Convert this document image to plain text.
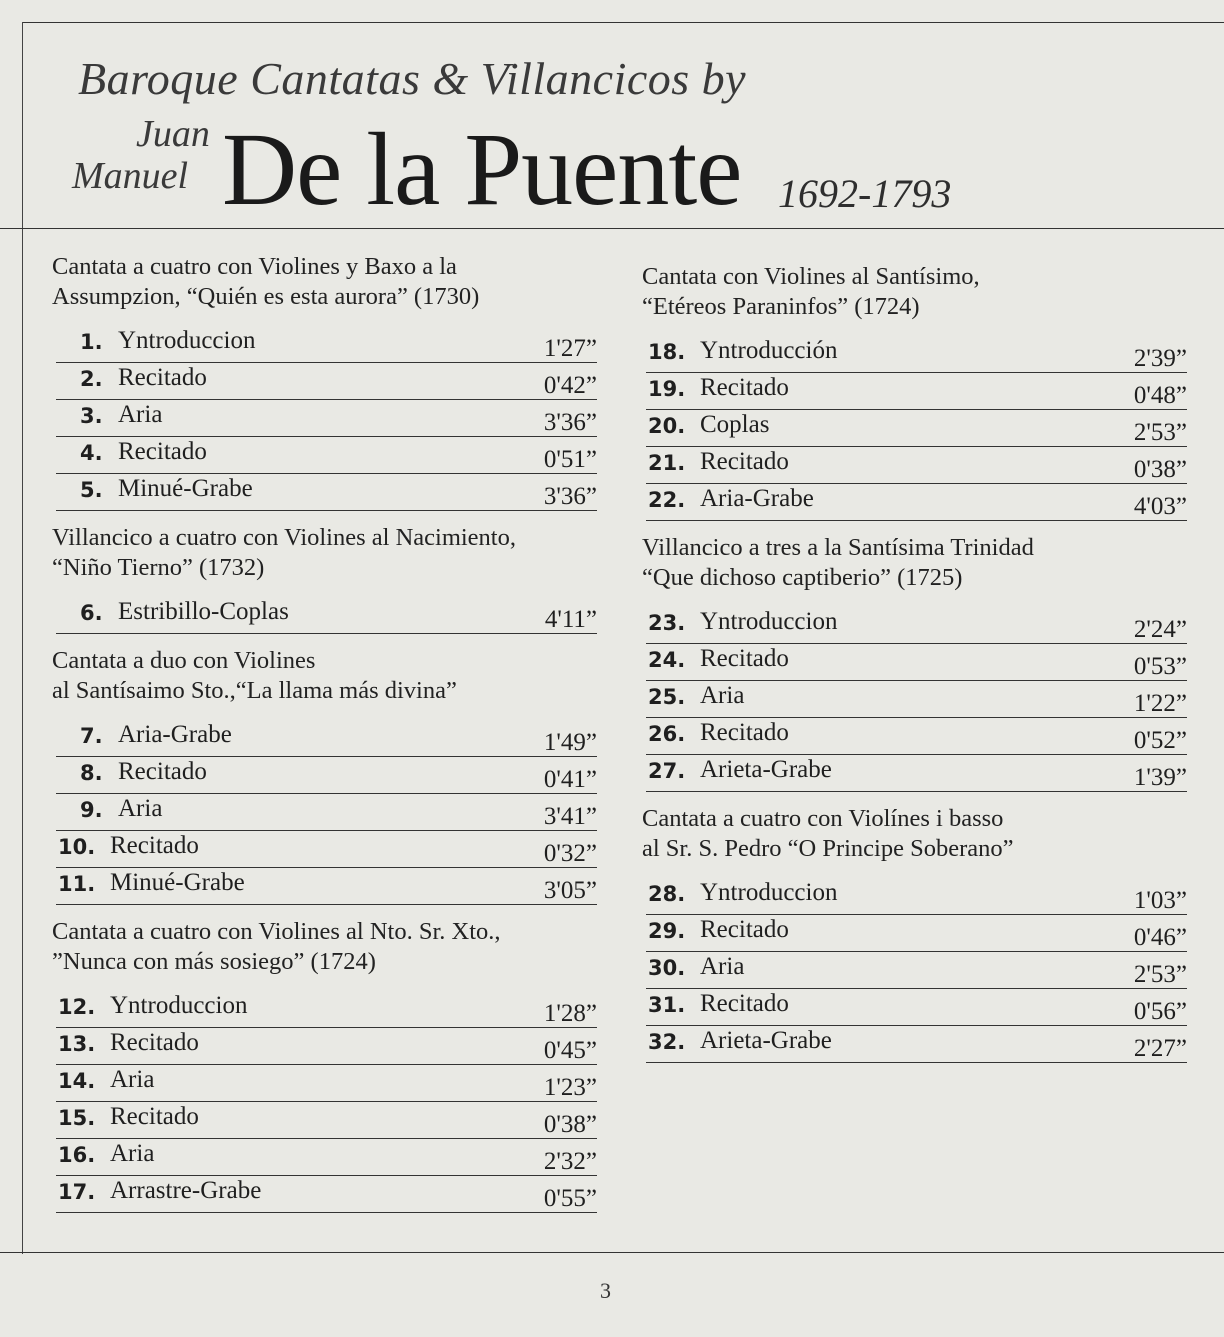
Baroque Cantatas & Villancicos by
Juan
Manuel De la Puente 1692-1793
Cantata a cuatro con Violines y Baxo a la
Assumpzion, “Quién es esta aurora” (1730)
1. Yntroduccion	1'27”
2. Recitado	0'42”
3. Aria	3'36”
4. Recitado	0'51”
5. Minué-Grabe	3'36”
Villancico a cuatro con Violines al Nacimiento,
“Niño Tierno” (1732)
6. Estribillo-Coplas	4'11”
Cantata a duo con Violines
al Santísaimo Sto.,“La llama más divina”
7. Aria-Grabe	1'49”
8. Recitado	0'41”
9. Aria	3'41”
10. Recitado	0'32”
11. Minué-Grabe	3'05”
Cantata a cuatro con Violines al Nto. Sr. Xto.,
”Nunca con más sosiego” (1724)
12. Yntroduccion	1'28”
13. Recitado	0'45”
14. Aria	1'23”
15. Recitado	0'38”
16. Aria	2'32”
17. Arrastre-Grabe	0'55”
Cantata con Violines al Santísimo,
“Etéreos Paraninfos” (1724)
18. Yntroducción	2'39”
19. Recitado	0'48”
20. Coplas	2'53”
21. Recitado	0'38”
22. Aria-Grabe	4'03”
Villancico a tres a la Santísima Trinidad
“Que dichoso captiberio” (1725)
23. Yntroduccion	2'24”
24. Recitado	0'53”
25. Aria	1'22”
26. Recitado	0'52”
27. Arieta-Grabe	1'39”
Cantata a cuatro con Violínes i basso
al Sr. S. Pedro “O Principe Soberano”
28. Yntroduccion	1'03”
29. Recitado	0'46”
30. Aria	2'53”
31. Recitado	0'56”
32. Arieta-Grabe	2'27”
3
